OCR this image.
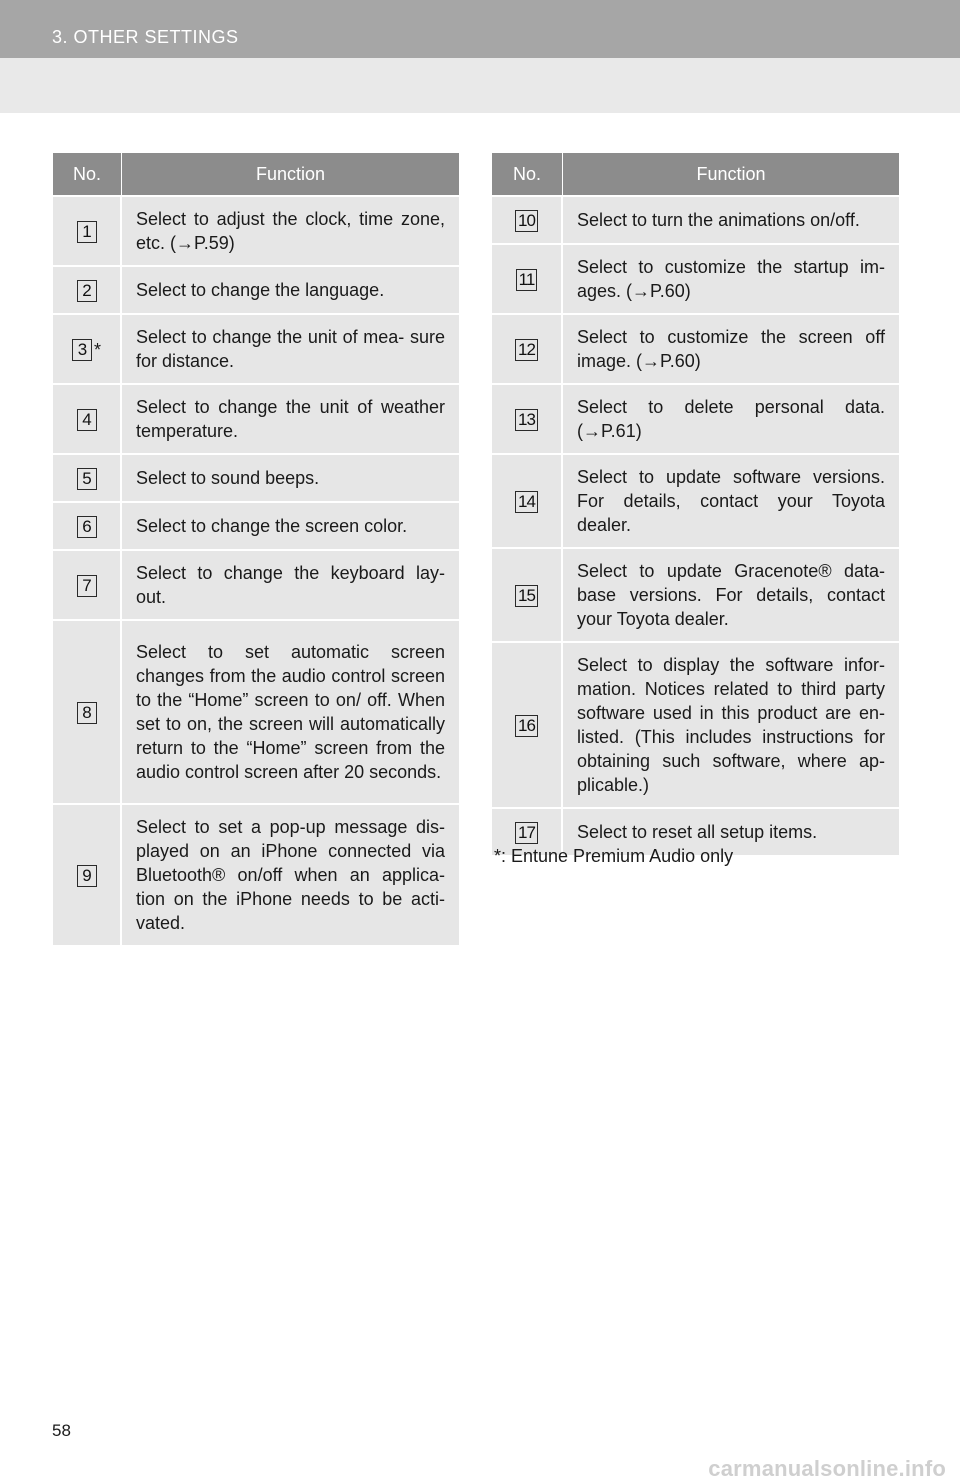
3. OTHER SETTINGS
No.	Function
1	Select to adjust the clock, time zone, etc. (→P.59)
2	Select to change the language.
3 *	Select to change the unit of mea- sure for distance.
4	Select to change the unit of weather temperature.
5	Select to sound beeps.
6	Select to change the screen color.
7	Select to change the keyboard lay- out.
8	Select to set automatic screen changes from the audio control screen to the “Home” screen to on/ off. When set to on, the screen will automatically return to the “Home” screen from the audio control screen after 20 seconds.
9	Select to set a pop-up message dis- played on an iPhone connected via Bluetooth® on/off when an applica- tion on the iPhone needs to be acti- vated.
No.	Function
10	Select to turn the animations on/off.
11	Select to customize the startup im- ages. (→P.60)
12	Select to customize the screen off image. (→P.60)
13	Select to delete personal data. (→P.61)
14	Select to update software versions. For details, contact your Toyota dealer.
15	Select to update Gracenote® data- base versions. For details, contact your Toyota dealer.
16	Select to display the software infor- mation. Notices related to third party software used in this product are en- listed. (This includes instructions for obtaining such software, where ap- plicable.)
17	Select to reset all setup items.
*: Entune Premium Audio only
58
carmanualsonline.info
